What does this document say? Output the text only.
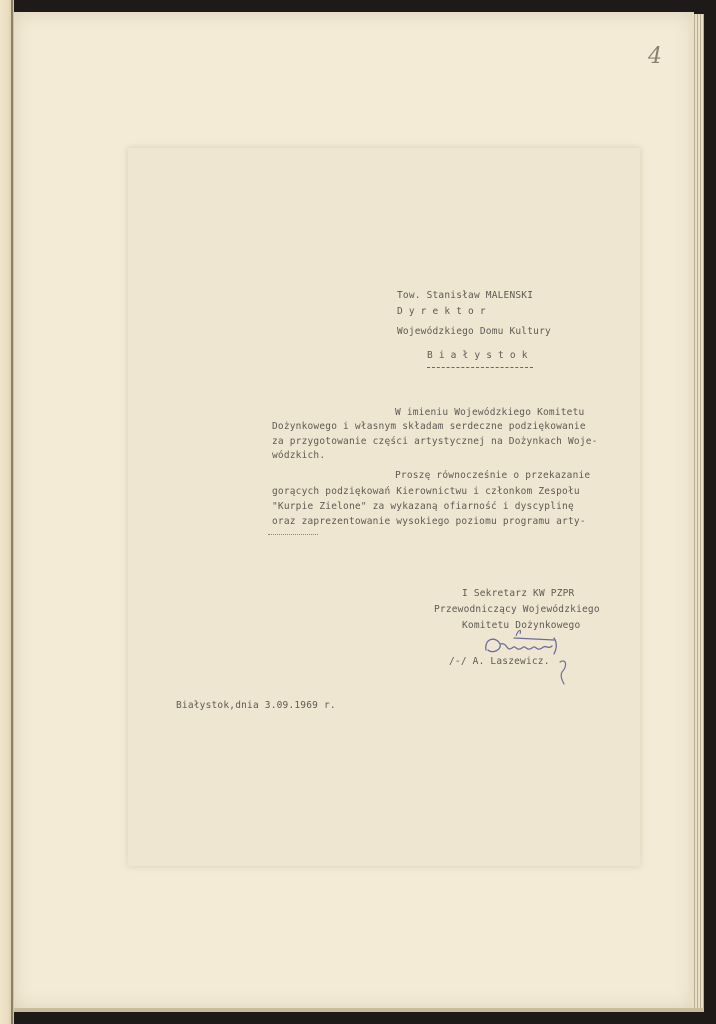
4
Tow. Stanisław MALENSKI
D y r e k t o r
Wojewódzkiego Domu Kultury
B i a ł y s t o k
W imieniu Wojewódzkiego Komitetu
Dożynkowego i własnym składam serdeczne podziękowanie
za przygotowanie części artystycznej na Dożynkach Woje-
wódzkich.
Proszę równocześnie o przekazanie
gorących podziękowań Kierownictwu i członkom Zespołu
"Kurpie Zielone" za wykazaną ofiarność i dyscyplinę
oraz zaprezentowanie wysokiego poziomu programu arty-
I Sekretarz KW PZPR
Przewodniczący Wojewódzkiego
Komitetu Dożynkowego
/-/ A. Laszewicz.
Białystok,dnia 3.09.1969 r.
